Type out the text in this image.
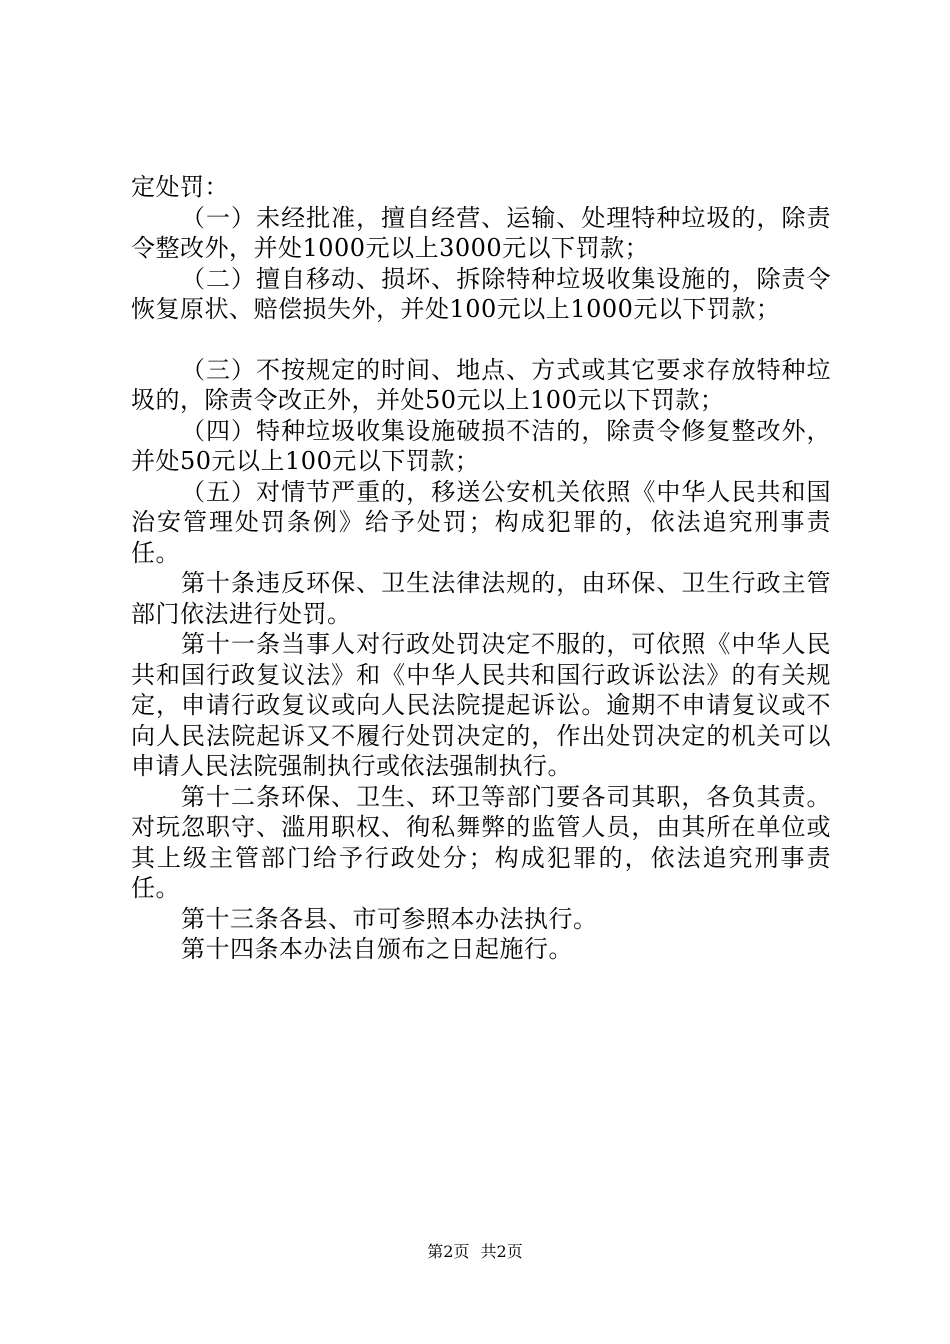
定处罚：

（一）未经批准，擅自经营、运输、处理特种垃圾的，除责令整改外，并处1000元以上3000元以下罚款；

（二）擅自移动、损坏、拆除特种垃圾收集设施的，除责令恢复原状、赔偿损失外，并处100元以上1000元以下罚款；

（三）不按规定的时间、地点、方式或其它要求存放特种垃圾的，除责令改正外，并处50元以上100元以下罚款；

（四）特种垃圾收集设施破损不洁的，除责令修复整改外，并处50元以上100元以下罚款；

（五）对情节严重的，移送公安机关依照《中华人民共和国治安管理处罚条例》给予处罚；构成犯罪的，依法追究刑事责任。

第十条违反环保、卫生法律法规的，由环保、卫生行政主管部门依法进行处罚。

第十一条当事人对行政处罚决定不服的，可依照《中华人民共和国行政复议法》和《中华人民共和国行政诉讼法》的有关规定，申请行政复议或向人民法院提起诉讼。逾期不申请复议或不向人民法院起诉又不履行处罚决定的，作出处罚决定的机关可以申请人民法院强制执行或依法强制执行。

第十二条环保、卫生、环卫等部门要各司其职，各负其责。对玩忽职守、滥用职权、徇私舞弊的监管人员，由其所在单位或其上级主管部门给予行政处分；构成犯罪的，依法追究刑事责任。

第十三条各县、市可参照本办法执行。

第十四条本办法自颁布之日起施行。

第2页 共2页
